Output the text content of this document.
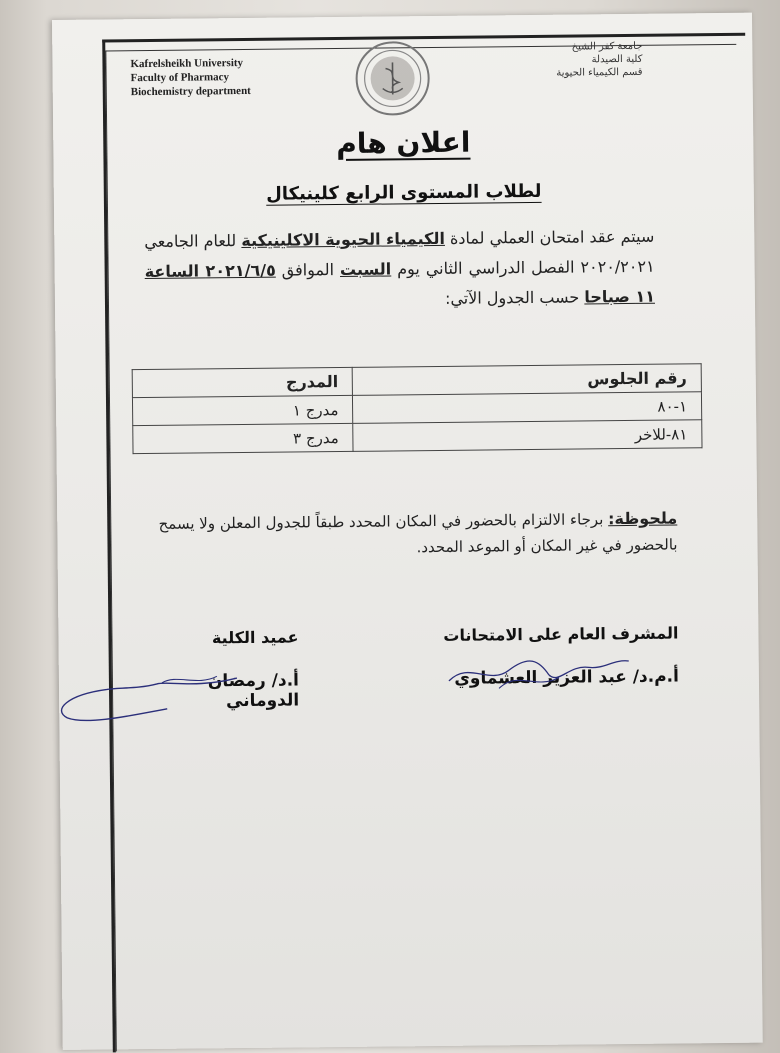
Kafrelsheikh University
Faculty of Pharmacy
Biochemistry department
جامعة كفر الشيخ
كلية الصيدلة
قسم الكيمياء الحيوية
اعلان هام
لطلاب المستوى الرابع كلينيكال
سيتم عقد امتحان العملي لمادة الكيمياء الحيوية الاكلينيكية للعام الجامعي ٢٠٢٠/٢٠٢١ الفصل الدراسي الثاني يوم السبت الموافق ٢٠٢١/٦/٥ الساعة ١١ صباحا حسب الجدول الآتي:
رقم الجلوس	المدرج
١-٨٠	مدرج ١
٨١-للاخر	مدرج ٣
ملحوظة: برجاء الالتزام بالحضور في المكان المحدد طبقاً للجدول المعلن ولا يسمح بالحضور في غير المكان أو الموعد المحدد.
المشرف العام على الامتحانات
أ.م.د/ عبد العزيز العشماوي
عميد الكلية
أ.د/ رمضان الدوماني
